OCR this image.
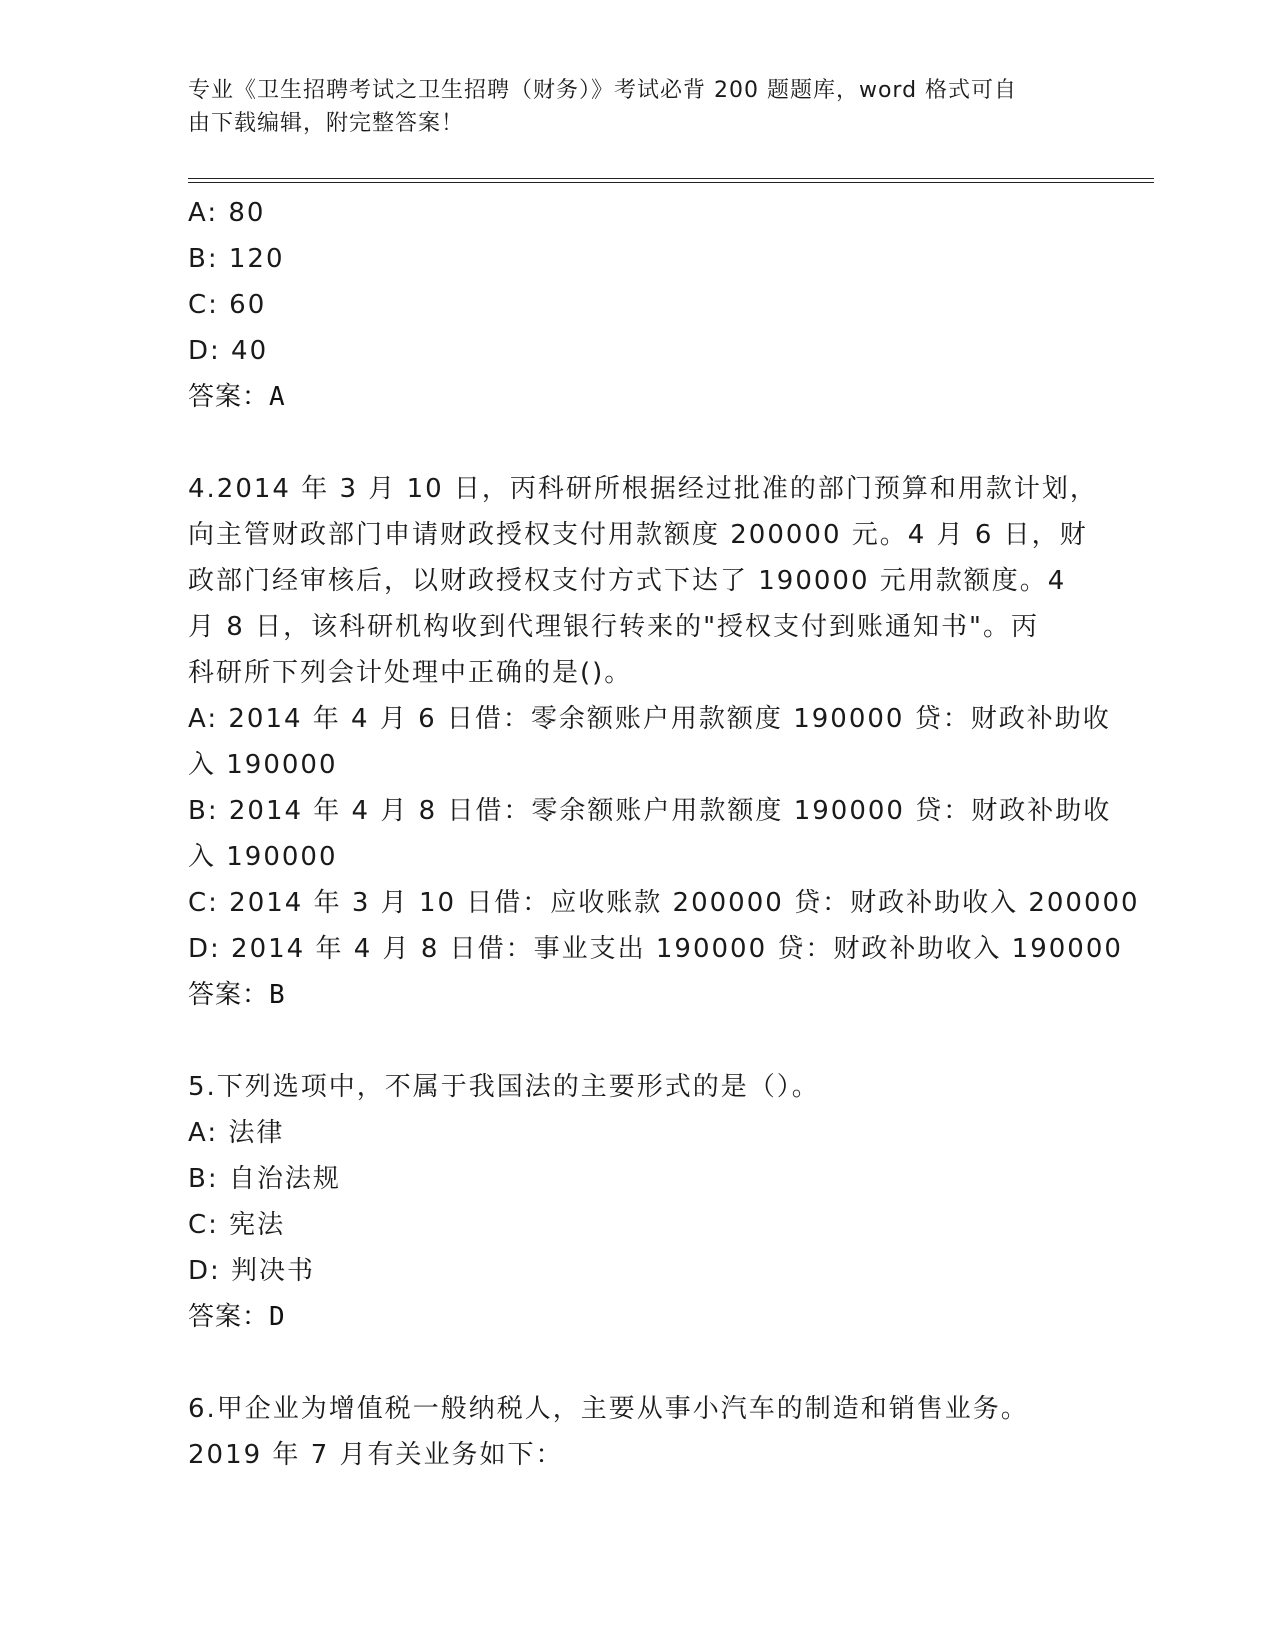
专业《卫生招聘考试之卫生招聘（财务）》考试必背 200 题题库，word 格式可自
由下载编辑，附完整答案！
A: 80
B: 120
C: 60
D: 40
答案：A
4.2014 年 3 月 10 日，丙科研所根据经过批准的部门预算和用款计划，
向主管财政部门申请财政授权支付用款额度 200000 元。4 月 6 日，财
政部门经审核后，以财政授权支付方式下达了 190000 元用款额度。4
月 8 日，该科研机构收到代理银行转来的"授权支付到账通知书"。丙
科研所下列会计处理中正确的是()。
A: 2014 年 4 月 6 日借：零余额账户用款额度 190000 贷：财政补助收
入 190000
B: 2014 年 4 月 8 日借：零余额账户用款额度 190000 贷：财政补助收
入 190000
C: 2014 年 3 月 10 日借：应收账款 200000 贷：财政补助收入 200000
D: 2014 年 4 月 8 日借：事业支出 190000 贷：财政补助收入 190000
答案：B
5.下列选项中，不属于我国法的主要形式的是（）。
A: 法律
B: 自治法规
C: 宪法
D: 判决书
答案：D
6.甲企业为增值税一般纳税人，主要从事小汽车的制造和销售业务。
2019 年 7 月有关业务如下：
